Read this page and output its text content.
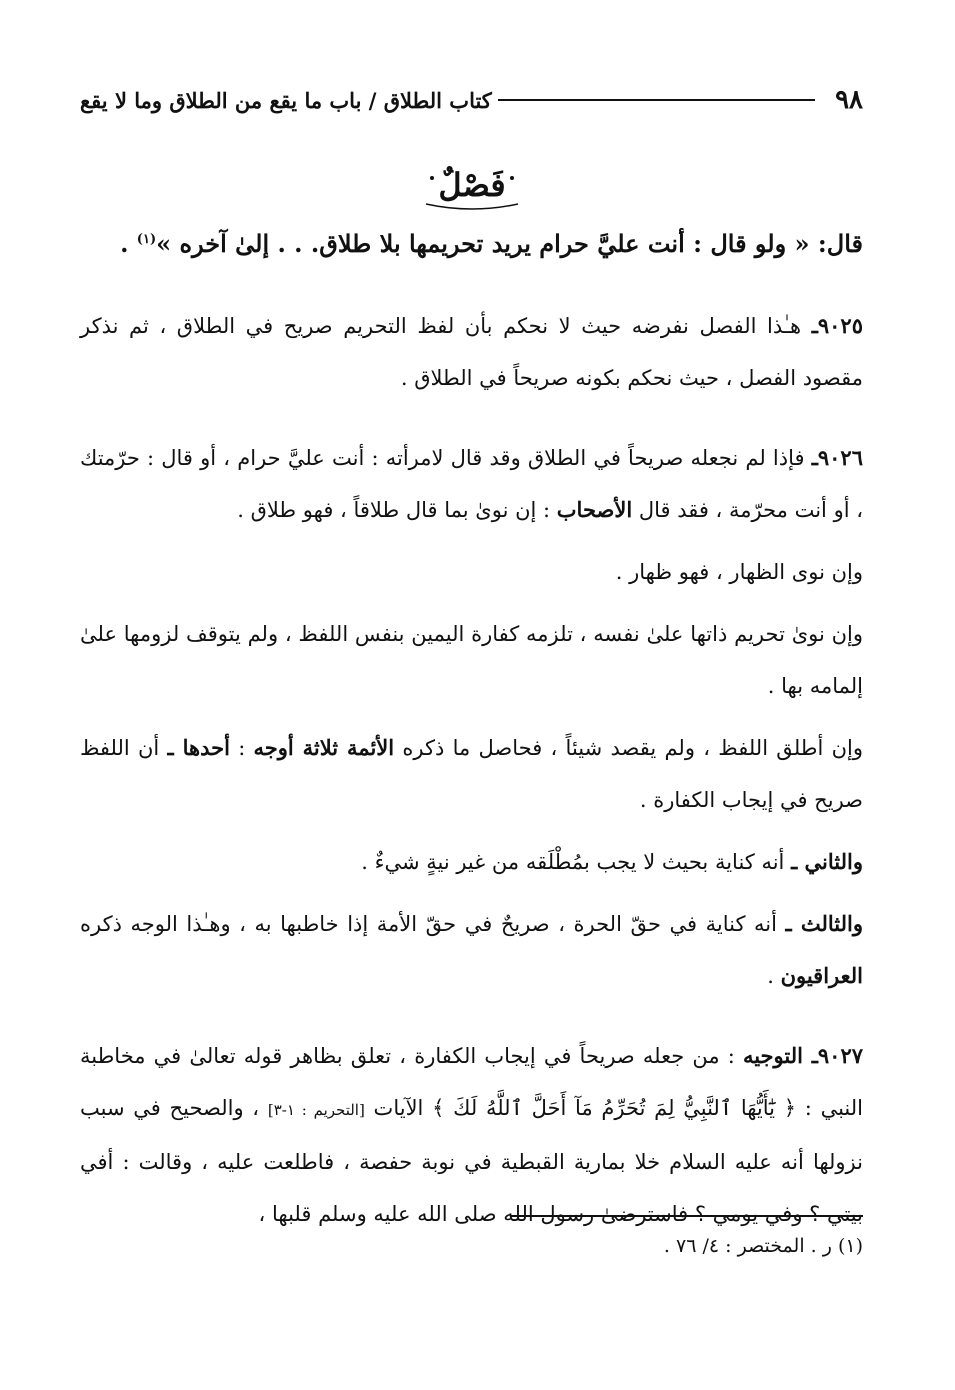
٩٨
كتاب الطلاق / باب ما يقع من الطلاق وما لا يقع
فَصْلٌ

قال: « ولو قال : أنت عليَّ حرام يريد تحريمها بلا طلاق. . . إلىٰ آخره »$^{(١)}$ .

٩٠٢٥ـ هـٰذا الفصل نفرضه حيث لا نحكم بأن لفظ التحريم صريح في الطلاق ، ثم نذكر مقصود الفصل ، حيث نحكم بكونه صريحاً في الطلاق .

٩٠٢٦ـ فإذا لم نجعله صريحاً في الطلاق وقد قال لامرأته : أنت عليَّ حرام ، أو قال : حرّمتك ، أو أنت محرّمة ، فقد قال الأصحاب : إن نوىٰ بما قال طلاقاً ، فهو طلاق .

وإن نوى الظهار ، فهو ظهار .

وإن نوىٰ تحريم ذاتها علىٰ نفسه ، تلزمه كفارة اليمين بنفس اللفظ ، ولم يتوقف لزومها علىٰ إلمامه بها .

وإن أطلق اللفظ ، ولم يقصد شيئاً ، فحاصل ما ذكره الأئمة ثلاثة أوجه : أحدها ـ أن اللفظ صريح في إيجاب الكفارة .

والثاني ـ أنه كناية بحيث لا يجب بمُطْلَقه من غير نيةٍ شيءٌ .

والثالث ـ أنه كناية في حقّ الحرة ، صريحٌ في حقّ الأمة إذا خاطبها به ، وهـٰذا الوجه ذكره العراقيون .

٩٠٢٧ـ التوجيه : من جعله صريحاً في إيجاب الكفارة ، تعلق بظاهر قوله تعالىٰ في مخاطبة النبي : ﴿ يَٰٓأَيُّهَا ٱلنَّبِيُّ لِمَ تُحَرِّمُ مَآ أَحَلَّ ٱللَّهُ لَكَ ﴾ الآيات [التحريم : ١-٣] ، والصحيح في سبب نزولها أنه عليه السلام خلا بمارية القبطية في نوبة حفصة ، فاطلعت عليه ، وقالت : أفي بيتي ؟ وفي يومي ؟ فاسترضىٰ رسول الله صلى الله عليه وسلم قلبها ،

(١) ر . المختصر : ٤/ ٧٦ .
